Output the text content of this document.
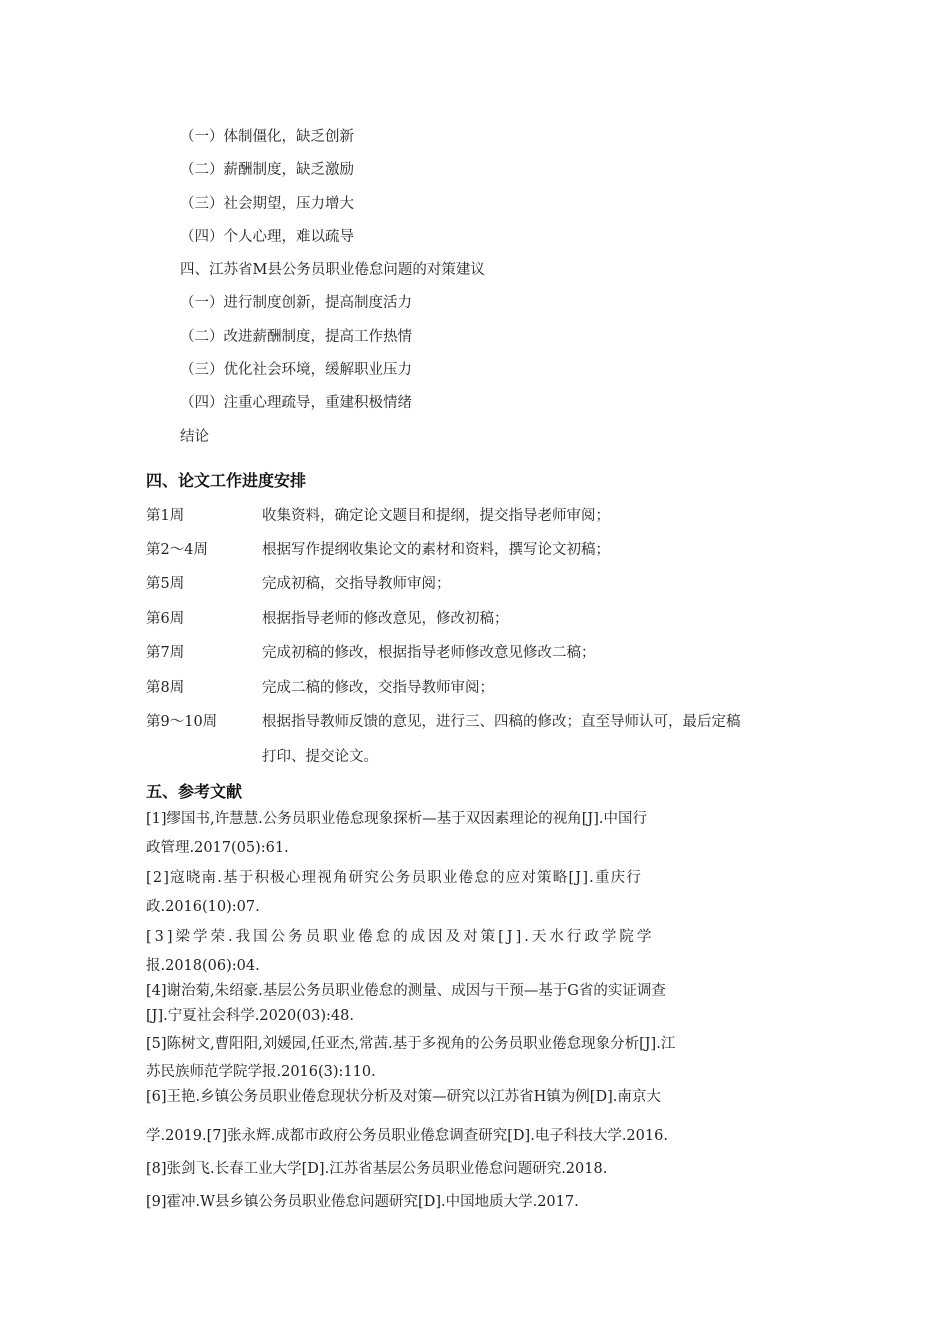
（一）体制僵化，缺乏创新
（二）薪酬制度，缺乏激励
（三）社会期望，压力增大
（四）个人心理，难以疏导
四、江苏省M县公务员职业倦怠问题的对策建议
（一）进行制度创新，提高制度活力
（二）改进薪酬制度，提高工作热情
（三）优化社会环境，缓解职业压力
（四）注重心理疏导，重建积极情绪
结论
四、论文工作进度安排
第1周	收集资料，确定论文题目和提纲，提交指导老师审阅；
第2～4周	根据写作提纲收集论文的素材和资料，撰写论文初稿；
第5周	完成初稿，交指导教师审阅；
第6周	根据指导老师的修改意见，修改初稿；
第7周	完成初稿的修改，根据指导老师修改意见修改二稿；
第8周	完成二稿的修改，交指导教师审阅；
第9～10周	根据指导教师反馈的意见，进行三、四稿的修改；直至导师认可，最后定稿
打印、提交论文。
五、参考文献
[1]缪国书,许慧慧.公务员职业倦怠现象探析—基于双因素理论的视角[J].中国行
政管理.2017(05):61.
[2]寇晓南.基于积极心理视角研究公务员职业倦怠的应对策略[J].重庆行
政.2016(10):07.
[3]梁学荣.我国公务员职业倦怠的成因及对策[J].天水行政学院学
报.2018(06):04.
[4]谢治菊,朱绍豪.基层公务员职业倦怠的测量、成因与干预—基于G省的实证调查
[J].宁夏社会科学.2020(03):48.
[5]陈树文,曹阳阳,刘媛园,任亚杰,常茜.基于多视角的公务员职业倦怠现象分析[J].江
苏民族师范学院学报.2016(3):110.
[6]王艳.乡镇公务员职业倦怠现状分析及对策—研究以江苏省H镇为例[D].南京大
学.2019.[7]张永辉.成都市政府公务员职业倦怠调查研究[D].电子科技大学.2016.
[8]张剑飞.长春工业大学[D].江苏省基层公务员职业倦怠问题研究.2018.
[9]霍冲.W县乡镇公务员职业倦怠问题研究[D].中国地质大学.2017.
